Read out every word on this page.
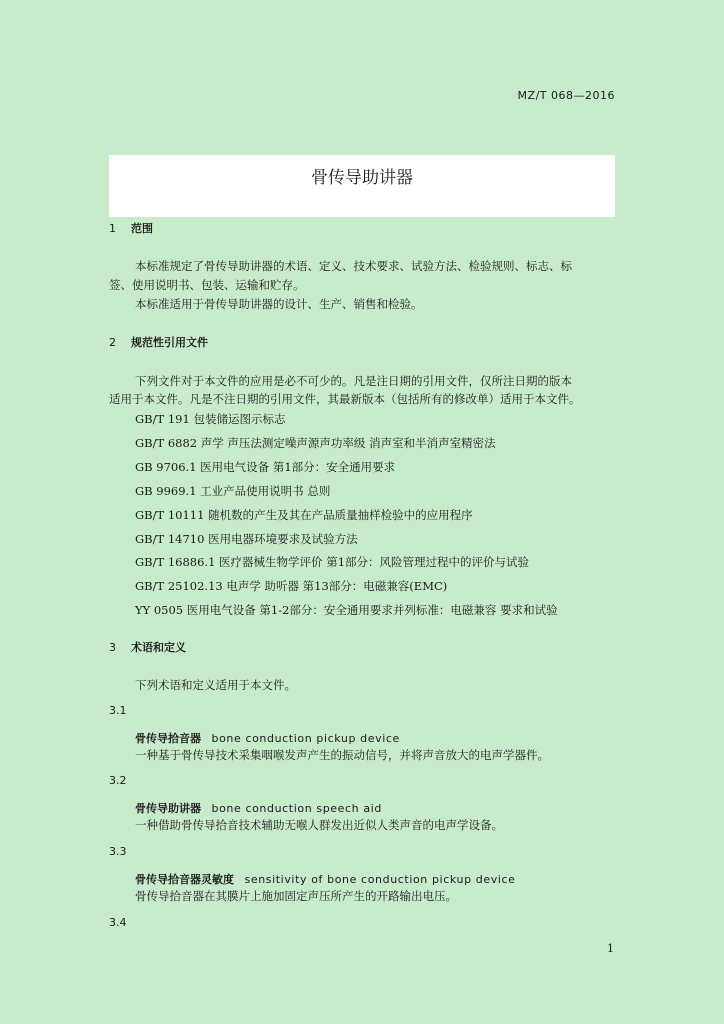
MZ/T 068—2016
骨传导助讲器
1 范围
本标准规定了骨传导助讲器的术语、定义、技术要求、试验方法、检验规则、标志、标
签、使用说明书、包装、运输和贮存。
本标准适用于骨传导助讲器的设计、生产、销售和检验。
2 规范性引用文件
下列文件对于本文件的应用是必不可少的。凡是注日期的引用文件，仅所注日期的版本
适用于本文件。凡是不注日期的引用文件，其最新版本（包括所有的修改单）适用于本文件。
GB/T 191 包装储运图示标志
GB/T 6882 声学 声压法测定噪声源声功率级 消声室和半消声室精密法
GB 9706.1 医用电气设备 第1部分：安全通用要求
GB 9969.1 工业产品使用说明书 总则
GB/T 10111 随机数的产生及其在产品质量抽样检验中的应用程序
GB/T 14710 医用电器环境要求及试验方法
GB/T 16886.1 医疗器械生物学评价 第1部分：风险管理过程中的评价与试验
GB/T 25102.13 电声学 助听器 第13部分：电磁兼容(EMC)
YY 0505 医用电气设备 第1-2部分：安全通用要求并列标准：电磁兼容 要求和试验
3 术语和定义
下列术语和定义适用于本文件。
3.1
骨传导拾音器 bone conduction pickup device
一种基于骨传导技术采集咽喉发声产生的振动信号，并将声音放大的电声学器件。
3.2
骨传导助讲器 bone conduction speech aid
一种借助骨传导拾音技术辅助无喉人群发出近似人类声音的电声学设备。
3.3
骨传导拾音器灵敏度 sensitivity of bone conduction pickup device
骨传导拾音器在其膜片上施加固定声压所产生的开路输出电压。
3.4
1
